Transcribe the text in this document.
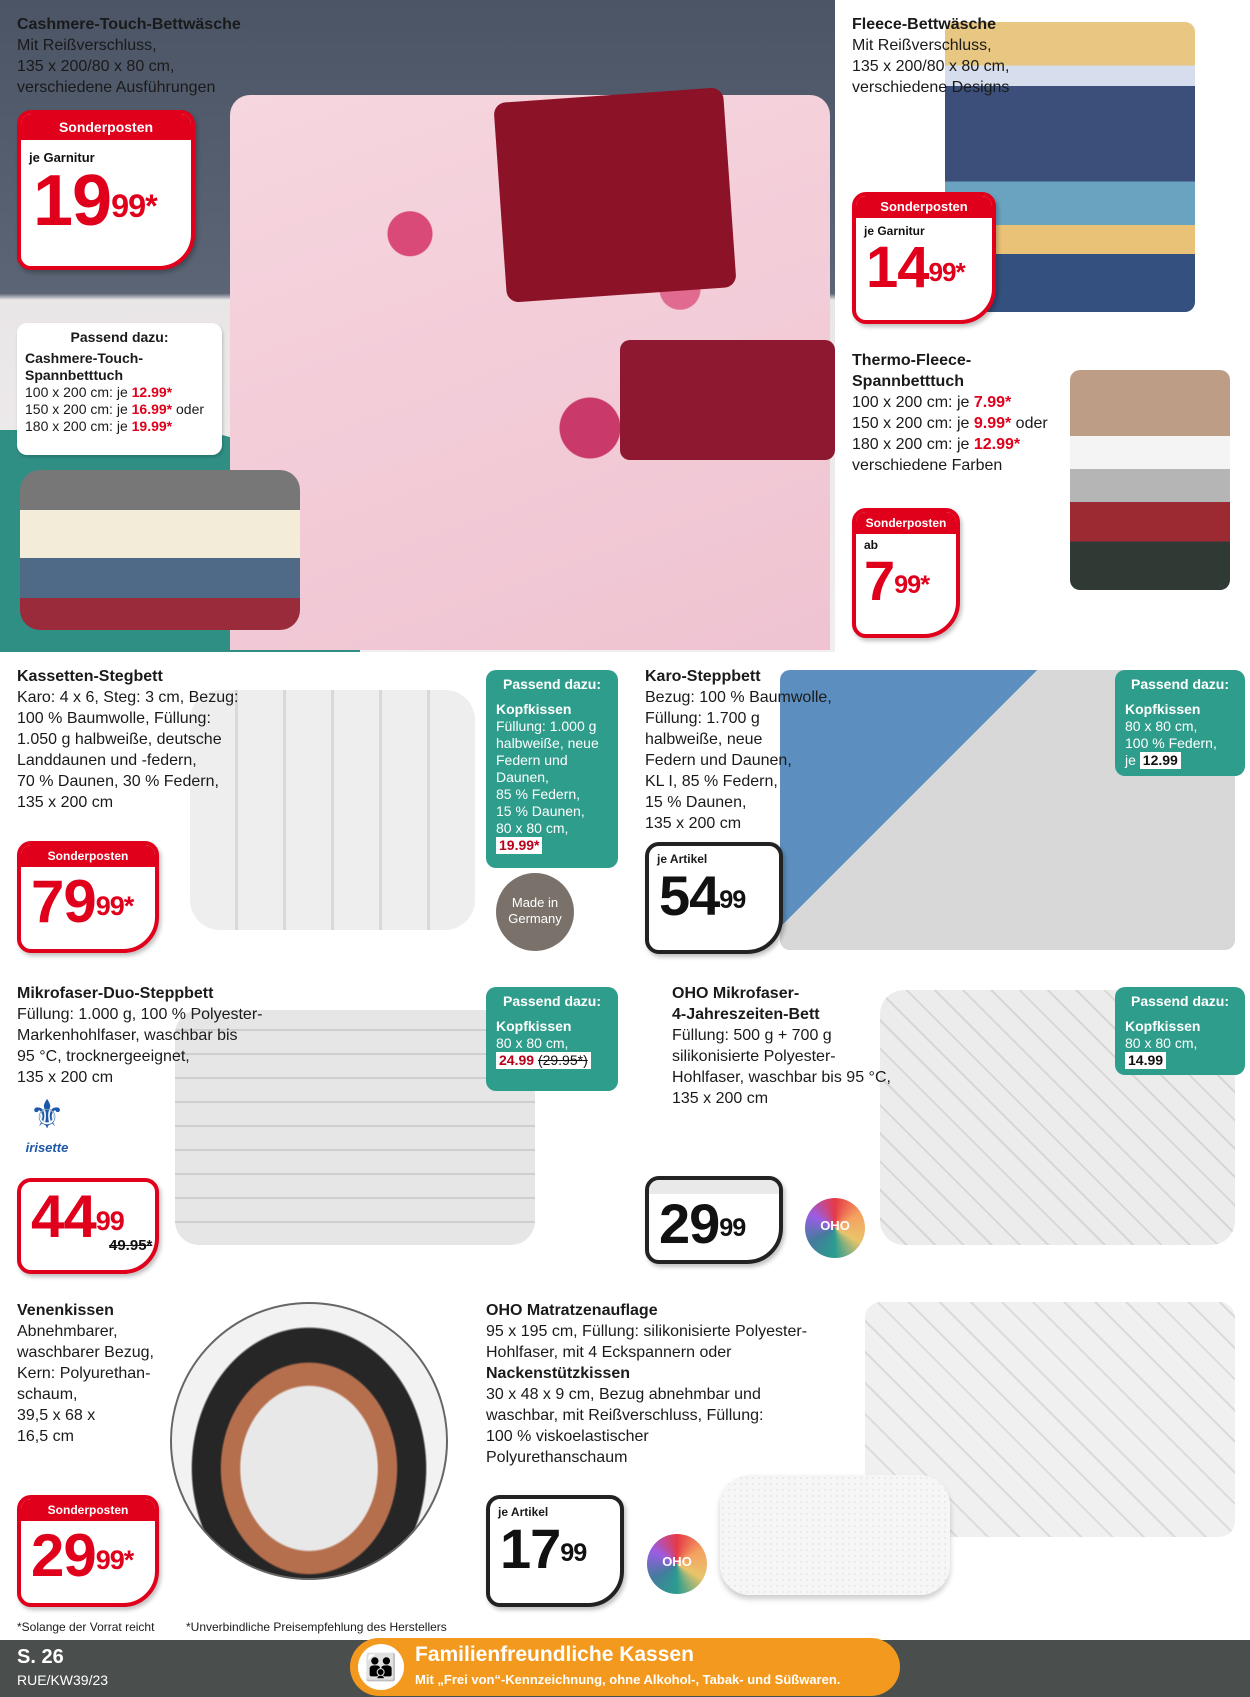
Cashmere-Touch-Bettwäsche
Mit Reißverschluss,
135 x 200/80 x 80 cm,
verschiedene Ausführungen
Sonderposten
je Garnitur
$19^{99*}$
Passend dazu:
Cashmere-Touch-
Spannbetttuch
100 x 200 cm: je 12.99*
150 x 200 cm: je 16.99* oder
180 x 200 cm: je 19.99*
Fleece-Bettwäsche
Mit Reißverschluss,
135 x 200/80 x 80 cm,
verschiedene Designs
Sonderposten
je Garnitur
$14^{99*}$
Thermo-Fleece-
Spannbetttuch
100 x 200 cm: je 7.99*
150 x 200 cm: je 9.99* oder
180 x 200 cm: je 12.99*
verschiedene Farben
Sonderposten
ab
$7^{99*}$
Kassetten-Stegbett
Karo: 4 x 6, Steg: 3 cm, Bezug:
100 % Baumwolle, Füllung:
1.050 g halbweiße, deutsche
Landdaunen und -federn,
70 % Daunen, 30 % Federn,
135 x 200 cm
Sonderposten
$79^{99*}$
Passend dazu:
Kopfkissen
Füllung: 1.000 g
halbweiße, neue
Federn und
Daunen,
85 % Federn,
15 % Daunen,
80 x 80 cm,
19.99*
Made in
Germany
Karo-Steppbett
Bezug: 100 % Baumwolle,
Füllung: 1.700 g
halbweiße, neue
Federn und Daunen,
KL I, 85 % Federn,
15 % Daunen,
135 x 200 cm
je Artikel
$54^{99}$
Passend dazu:
Kopfkissen
80 x 80 cm,
100 % Federn,
je 12.99
Mikrofaser-Duo-Steppbett
Füllung: 1.000 g, 100 % Polyester-
Markenhohlfaser, waschbar bis
95 °C, trocknergeeignet,
135 x 200 cm
⚜
irisette
$44^{99}$
49.95*
Passend dazu:
Kopfkissen
80 x 80 cm,
24.99 (29.95*)
OHO Mikrofaser-
4-Jahreszeiten-Bett
Füllung: 500 g + 700 g
silikonisierte Polyester-
Hohlfaser, waschbar bis 95 °C,
135 x 200 cm
$29^{99}$	OHO
Passend dazu:
Kopfkissen
80 x 80 cm,
14.99
Venenkissen
Abnehmbarer,
waschbarer Bezug,
Kern: Polyurethan-
schaum,
39,5 x 68 x
16,5 cm
Sonderposten
$29^{99*}$
OHO Matratzenauflage
95 x 195 cm, Füllung: silikonisierte Polyester-
Hohlfaser, mit 4 Eckspannern oder
Nackenstützkissen
30 x 48 x 9 cm, Bezug abnehmbar und
waschbar, mit Reißverschluss, Füllung:
100 % viskoelastischer
Polyurethanschaum
je Artikel
$17^{99}$	OHO
*Solange der Vorrat reicht	*Unverbindliche Preisempfehlung des Herstellers
S. 26
RUE/KW39/23	👪 Familienfreundliche Kassen
Mit „Frei von“-Kennzeichnung, ohne Alkohol-, Tabak- und Süßwaren.
